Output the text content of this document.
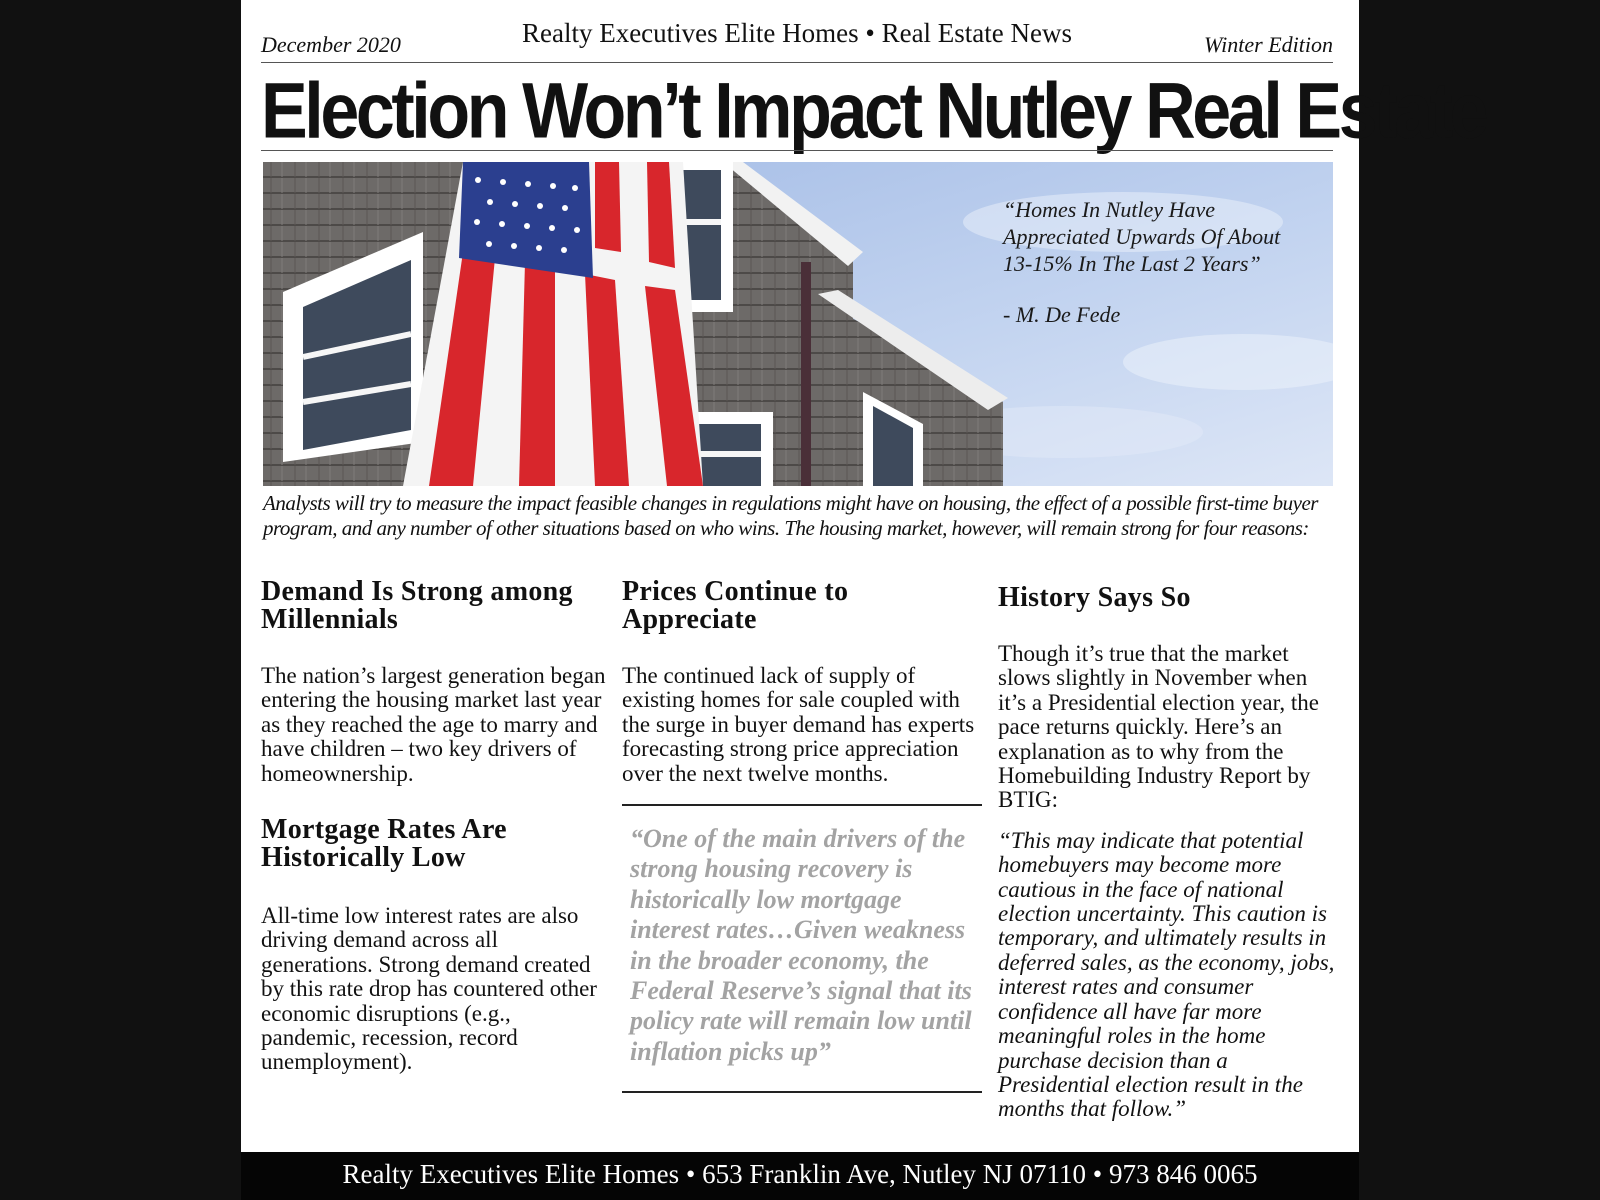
December 2020	Realty Executives Elite Homes • Real Estate News	Winter Edition
Election Won’t Impact Nutley Real Estate
“Homes In Nutley Have
Appreciated Upwards Of About
13-15% In The Last 2 Years”
- M. De Fede

Analysts will try to measure the impact feasible changes in regulations might have on housing, the effect of a possible first-time buyer program, and any number of other situations based on who wins. The housing market, however, will remain strong for four reasons:

Demand Is Strong among Millennials

The nation’s largest generation began entering the housing market last year as they reached the age to marry and have children – two key drivers of homeownership.

Mortgage Rates Are Historically Low

All-time low interest rates are also driving demand across all generations. Strong demand created by this rate drop has countered other economic disruptions (e.g., pandemic, recession, record unemployment).

Prices Continue to Appreciate

The continued lack of supply of existing homes for sale coupled with the surge in buyer demand has experts forecasting strong price appreciation over the next twelve months.

“One of the main drivers of the strong housing recovery is historically low mortgage interest rates…Given weakness in the broader economy, the Federal Reserve’s signal that its policy rate will remain low until inflation picks up”

History Says So

Though it’s true that the market slows slightly in November when it’s a Presidential election year, the pace returns quickly. Here’s an explanation as to why from the Homebuilding Industry Report by BTIG:

“This may indicate that potential homebuyers may become more cautious in the face of national election uncertainty. This caution is temporary, and ultimately results in deferred sales, as the economy, jobs, interest rates and consumer confidence all have far more meaningful roles in the home purchase decision than a Presidential election result in the months that follow.”

Realty Executives Elite Homes • 653 Franklin Ave, Nutley NJ 07110 • 973 846 0065
